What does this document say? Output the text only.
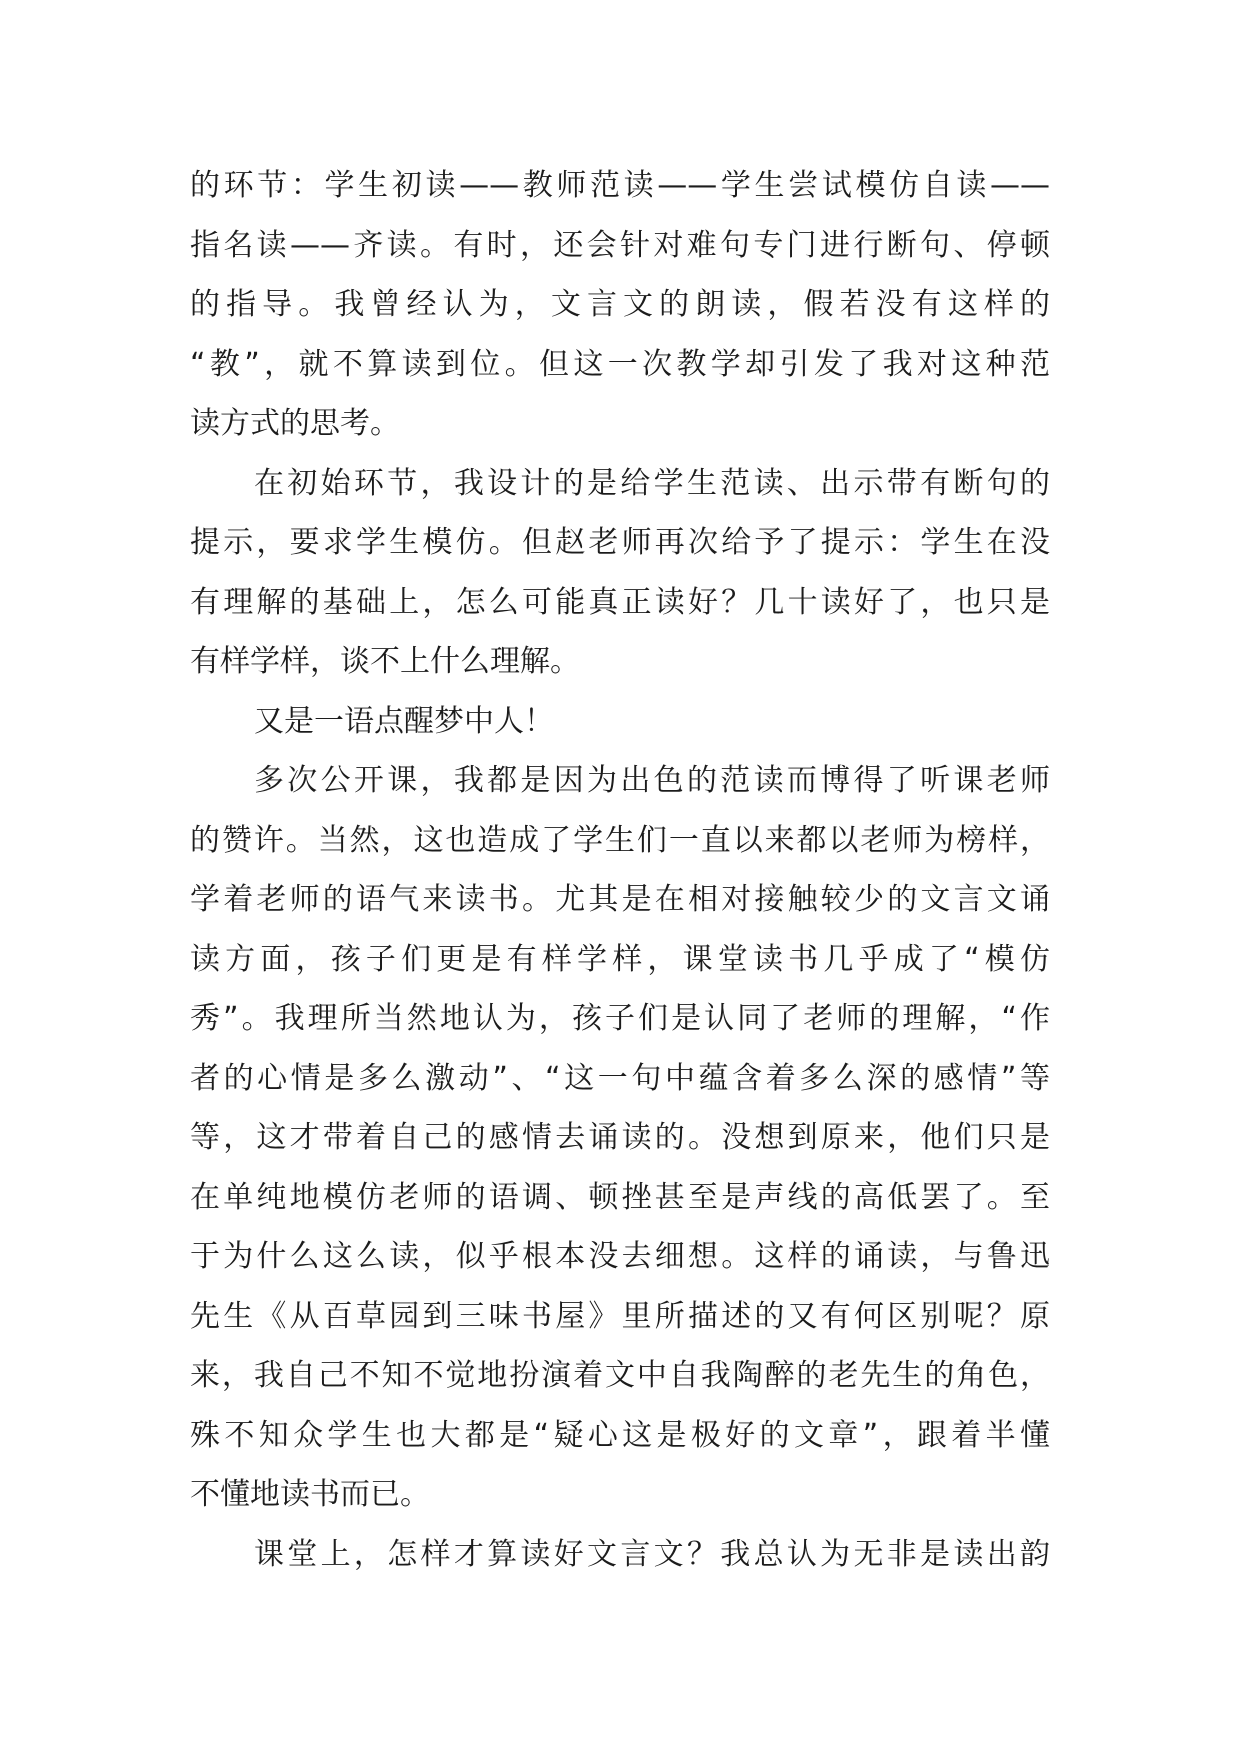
的环节：学生初读——教师范读——学生尝试模仿自读——
指名读——齐读。有时，还会针对难句专门进行断句、停顿
的指导。我曾经认为，文言文的朗读，假若没有这样的
“教”，就不算读到位。但这一次教学却引发了我对这种范
读方式的思考。
在初始环节，我设计的是给学生范读、出示带有断句的
提示，要求学生模仿。但赵老师再次给予了提示：学生在没
有理解的基础上，怎么可能真正读好？几十读好了，也只是
有样学样，谈不上什么理解。
又是一语点醒梦中人！
多次公开课，我都是因为出色的范读而博得了听课老师
的赞许。当然，这也造成了学生们一直以来都以老师为榜样，
学着老师的语气来读书。尤其是在相对接触较少的文言文诵
读方面，孩子们更是有样学样，课堂读书几乎成了“模仿
秀”。我理所当然地认为，孩子们是认同了老师的理解，“作
者的心情是多么激动”、“这一句中蕴含着多么深的感情”等
等，这才带着自己的感情去诵读的。没想到原来，他们只是
在单纯地模仿老师的语调、顿挫甚至是声线的高低罢了。至
于为什么这么读，似乎根本没去细想。这样的诵读，与鲁迅
先生《从百草园到三味书屋》里所描述的又有何区别呢？原
来，我自己不知不觉地扮演着文中自我陶醉的老先生的角色，
殊不知众学生也大都是“疑心这是极好的文章”，跟着半懂
不懂地读书而已。
课堂上，怎样才算读好文言文？我总认为无非是读出韵
